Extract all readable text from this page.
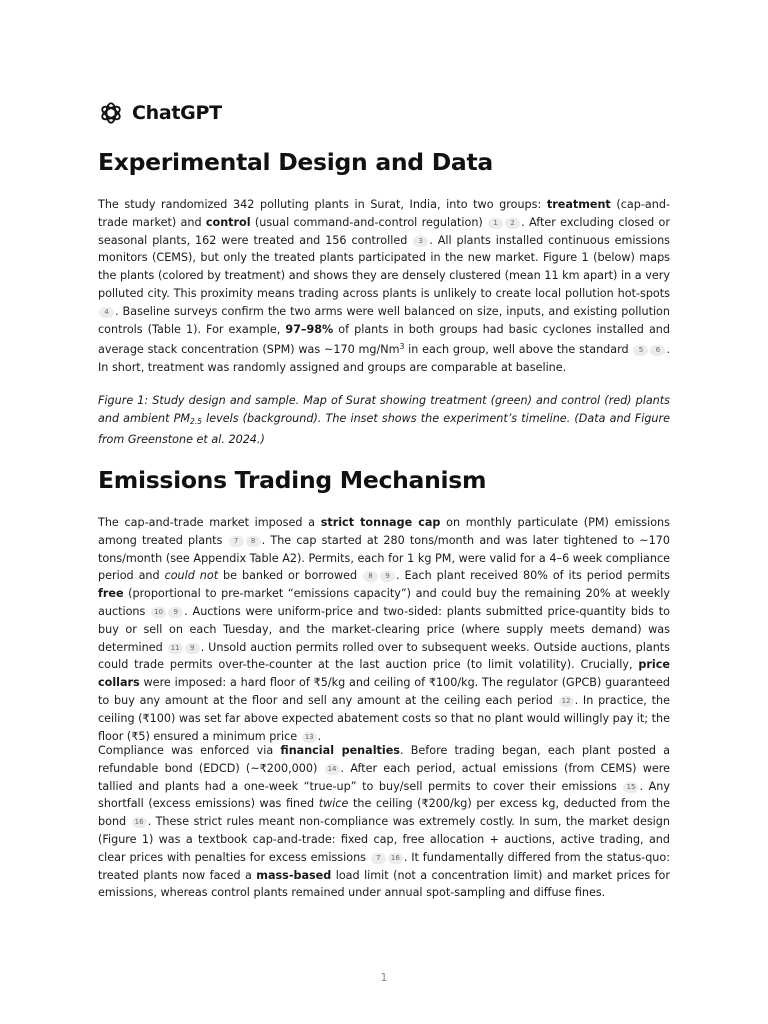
ChatGPT
Experimental Design and Data

The study randomized 342 polluting plants in Surat, India, into two groups: treatment (cap-and-trade market) and control (usual command-and-control regulation) 1 2 . After excluding closed or seasonal plants, 162 were treated and 156 controlled 3 . All plants installed continuous emissions monitors (CEMS), but only the treated plants participated in the new market. Figure 1 (below) maps the plants (colored by treatment) and shows they are densely clustered (mean 11 km apart) in a very polluted city. This proximity means trading across plants is unlikely to create local pollution hot-spots 4 . Baseline surveys confirm the two arms were well balanced on size, inputs, and existing pollution controls (Table 1). For example, 97–98% of plants in both groups had basic cyclones installed and average stack concentration (SPM) was ~170 mg/Nm$^3$ in each group, well above the standard 5 6 . In short, treatment was randomly assigned and groups are comparable at baseline.

Figure 1: Study design and sample. Map of Surat showing treatment (green) and control (red) plants and ambient $PM_{2.5}$ levels (background). The inset shows the experiment’s timeline. (Data and Figure from Greenstone et al. 2024.)

Emissions Trading Mechanism

The cap-and-trade market imposed a strict tonnage cap on monthly particulate (PM) emissions among treated plants 7 8 . The cap started at 280 tons/month and was later tightened to ~170 tons/month (see Appendix Table A2). Permits, each for 1 kg PM, were valid for a 4–6 week compliance period and could not be banked or borrowed 8 9 . Each plant received 80% of its period permits free (proportional to pre-market “emissions capacity”) and could buy the remaining 20% at weekly auctions 10 9 . Auctions were uniform-price and two-sided: plants submitted price-quantity bids to buy or sell on each Tuesday, and the market-clearing price (where supply meets demand) was determined 11 9 . Unsold auction permits rolled over to subsequent weeks. Outside auctions, plants could trade permits over-the-counter at the last auction price (to limit volatility). Crucially, price collars were imposed: a hard floor of ₹5/kg and ceiling of ₹100/kg. The regulator (GPCB) guaranteed to buy any amount at the floor and sell any amount at the ceiling each period 12 . In practice, the ceiling (₹100) was set far above expected abatement costs so that no plant would willingly pay it; the floor (₹5) ensured a minimum price 13 .

Compliance was enforced via financial penalties. Before trading began, each plant posted a refundable bond (EDCD) (~₹200,000) 14 . After each period, actual emissions (from CEMS) were tallied and plants had a one-week “true-up” to buy/sell permits to cover their emissions 15 . Any shortfall (excess emissions) was fined twice the ceiling (₹200/kg) per excess kg, deducted from the bond 16 . These strict rules meant non-compliance was extremely costly. In sum, the market design (Figure 1) was a textbook cap-and-trade: fixed cap, free allocation + auctions, active trading, and clear prices with penalties for excess emissions 7 16 . It fundamentally differed from the status-quo: treated plants now faced a mass-based load limit (not a concentration limit) and market prices for emissions, whereas control plants remained under annual spot-sampling and diffuse fines.

1
